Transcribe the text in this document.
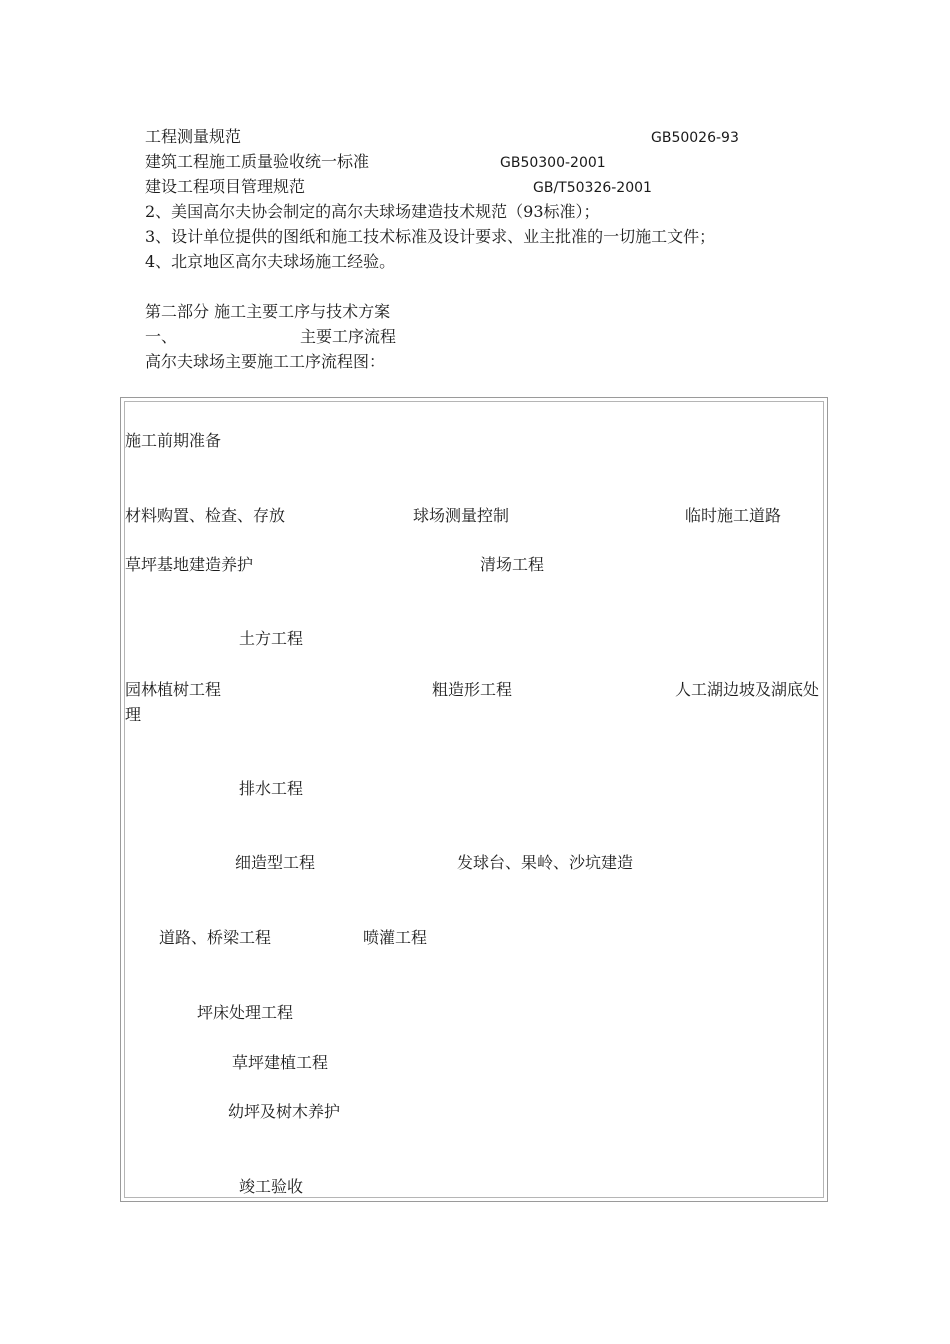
工程测量规范	GB50026-93
建筑工程施工质量验收统一标准	GB50300-2001
建设工程项目管理规范	GB/T50326-2001
2、美国高尔夫协会制定的高尔夫球场建造技术规范（93标准）；
3、设计单位提供的图纸和施工技术标准及设计要求、业主批准的一切施工文件；
4、北京地区高尔夫球场施工经验。
第二部分 施工主要工序与技术方案
一、	主要工序流程
高尔夫球场主要施工工序流程图：
施工前期准备
材料购置、检查、存放	球场测量控制	临时施工道路
草坪基地建造养护	清场工程
土方工程
园林植树工程	粗造形工程	人工湖边坡及湖底处
理
排水工程
细造型工程	发球台、果岭、沙坑建造
道路、桥梁工程	喷灌工程
坪床处理工程
草坪建植工程
幼坪及树木养护
竣工验收
